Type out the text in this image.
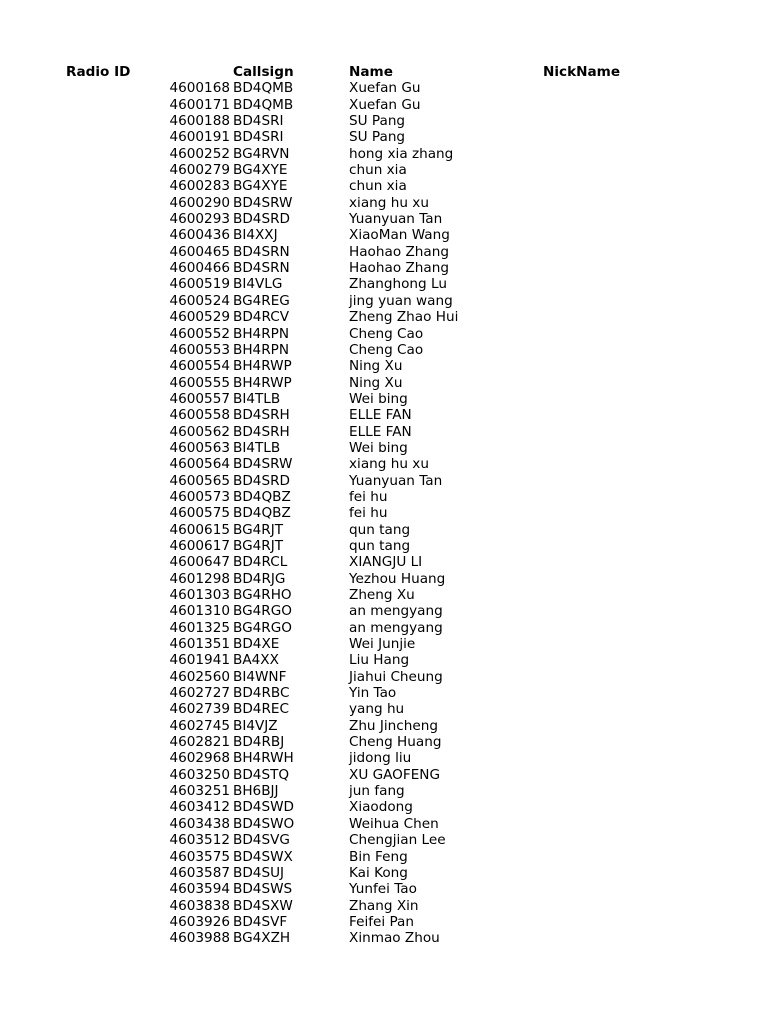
Radio ID	Callsign	Name	NickName
4600168 BD4QMB	Xuefan Gu
4600171 BD4QMB	Xuefan Gu
4600188 BD4SRI	SU Pang
4600191 BD4SRI	SU Pang
4600252 BG4RVN	hong xia zhang
4600279 BG4XYE	chun xia
4600283 BG4XYE	chun xia
4600290 BD4SRW	xiang hu xu
4600293 BD4SRD	Yuanyuan Tan
4600436 BI4XXJ	XiaoMan Wang
4600465 BD4SRN	Haohao Zhang
4600466 BD4SRN	Haohao Zhang
4600519 BI4VLG	Zhanghong Lu
4600524 BG4REG	jing yuan wang
4600529 BD4RCV	Zheng Zhao Hui
4600552 BH4RPN	Cheng Cao
4600553 BH4RPN	Cheng Cao
4600554 BH4RWP	Ning Xu
4600555 BH4RWP	Ning Xu
4600557 BI4TLB	Wei bing
4600558 BD4SRH	ELLE FAN
4600562 BD4SRH	ELLE FAN
4600563 BI4TLB	Wei bing
4600564 BD4SRW	xiang hu xu
4600565 BD4SRD	Yuanyuan Tan
4600573 BD4QBZ	fei hu
4600575 BD4QBZ	fei hu
4600615 BG4RJT	qun tang
4600617 BG4RJT	qun tang
4600647 BD4RCL	XIANGJU LI
4601298 BD4RJG	Yezhou Huang
4601303 BG4RHO	Zheng Xu
4601310 BG4RGO	an mengyang
4601325 BG4RGO	an mengyang
4601351 BD4XE	Wei Junjie
4601941 BA4XX	Liu Hang
4602560 BI4WNF	Jiahui Cheung
4602727 BD4RBC	Yin Tao
4602739 BD4REC	yang hu
4602745 BI4VJZ	Zhu Jincheng
4602821 BD4RBJ	Cheng Huang
4602968 BH4RWH	jidong liu
4603250 BD4STQ	XU GAOFENG
4603251 BH6BJJ	jun fang
4603412 BD4SWD	Xiaodong
4603438 BD4SWO	Weihua Chen
4603512 BD4SVG	Chengjian Lee
4603575 BD4SWX	Bin Feng
4603587 BD4SUJ	Kai Kong
4603594 BD4SWS	Yunfei Tao
4603838 BD4SXW	Zhang Xin
4603926 BD4SVF	Feifei Pan
4603988 BG4XZH	Xinmao Zhou
